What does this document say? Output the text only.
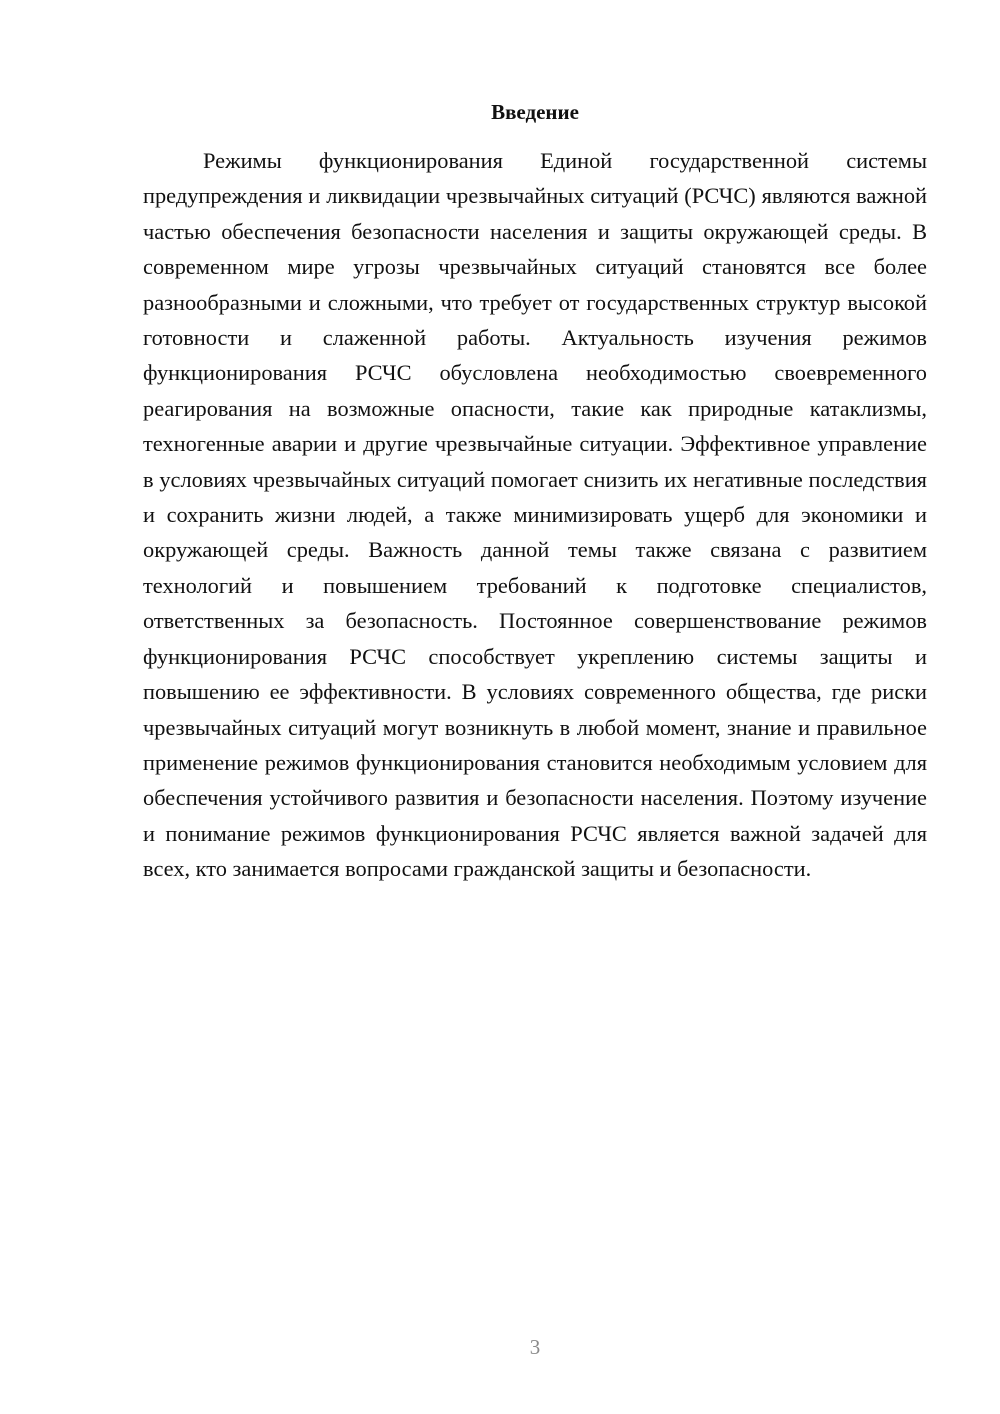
Введение

Режимы функционирования Единой государственной системы предупреждения и ликвидации чрезвычайных ситуаций (РСЧС) являются важной частью обеспечения безопасности населения и защиты окружающей среды. В современном мире угрозы чрезвычайных ситуаций становятся все более разнообразными и сложными, что требует от государственных структур высокой готовности и слаженной работы. Актуальность изучения режимов функционирования РСЧС обусловлена необходимостью своевременного реагирования на возможные опасности, такие как природные катаклизмы, техногенные аварии и другие чрезвычайные ситуации. Эффективное управление в условиях чрезвычайных ситуаций помогает снизить их негативные последствия и сохранить жизни людей, а также минимизировать ущерб для экономики и окружающей среды. Важность данной темы также связана с развитием технологий и повышением требований к подготовке специалистов, ответственных за безопасность. Постоянное совершенствование режимов функционирования РСЧС способствует укреплению системы защиты и повышению ее эффективности. В условиях современного общества, где риски чрезвычайных ситуаций могут возникнуть в любой момент, знание и правильное применение режимов функционирования становится необходимым условием для обеспечения устойчивого развития и безопасности населения. Поэтому изучение и понимание режимов функционирования РСЧС является важной задачей для всех, кто занимается вопросами гражданской защиты и безопасности.

3
